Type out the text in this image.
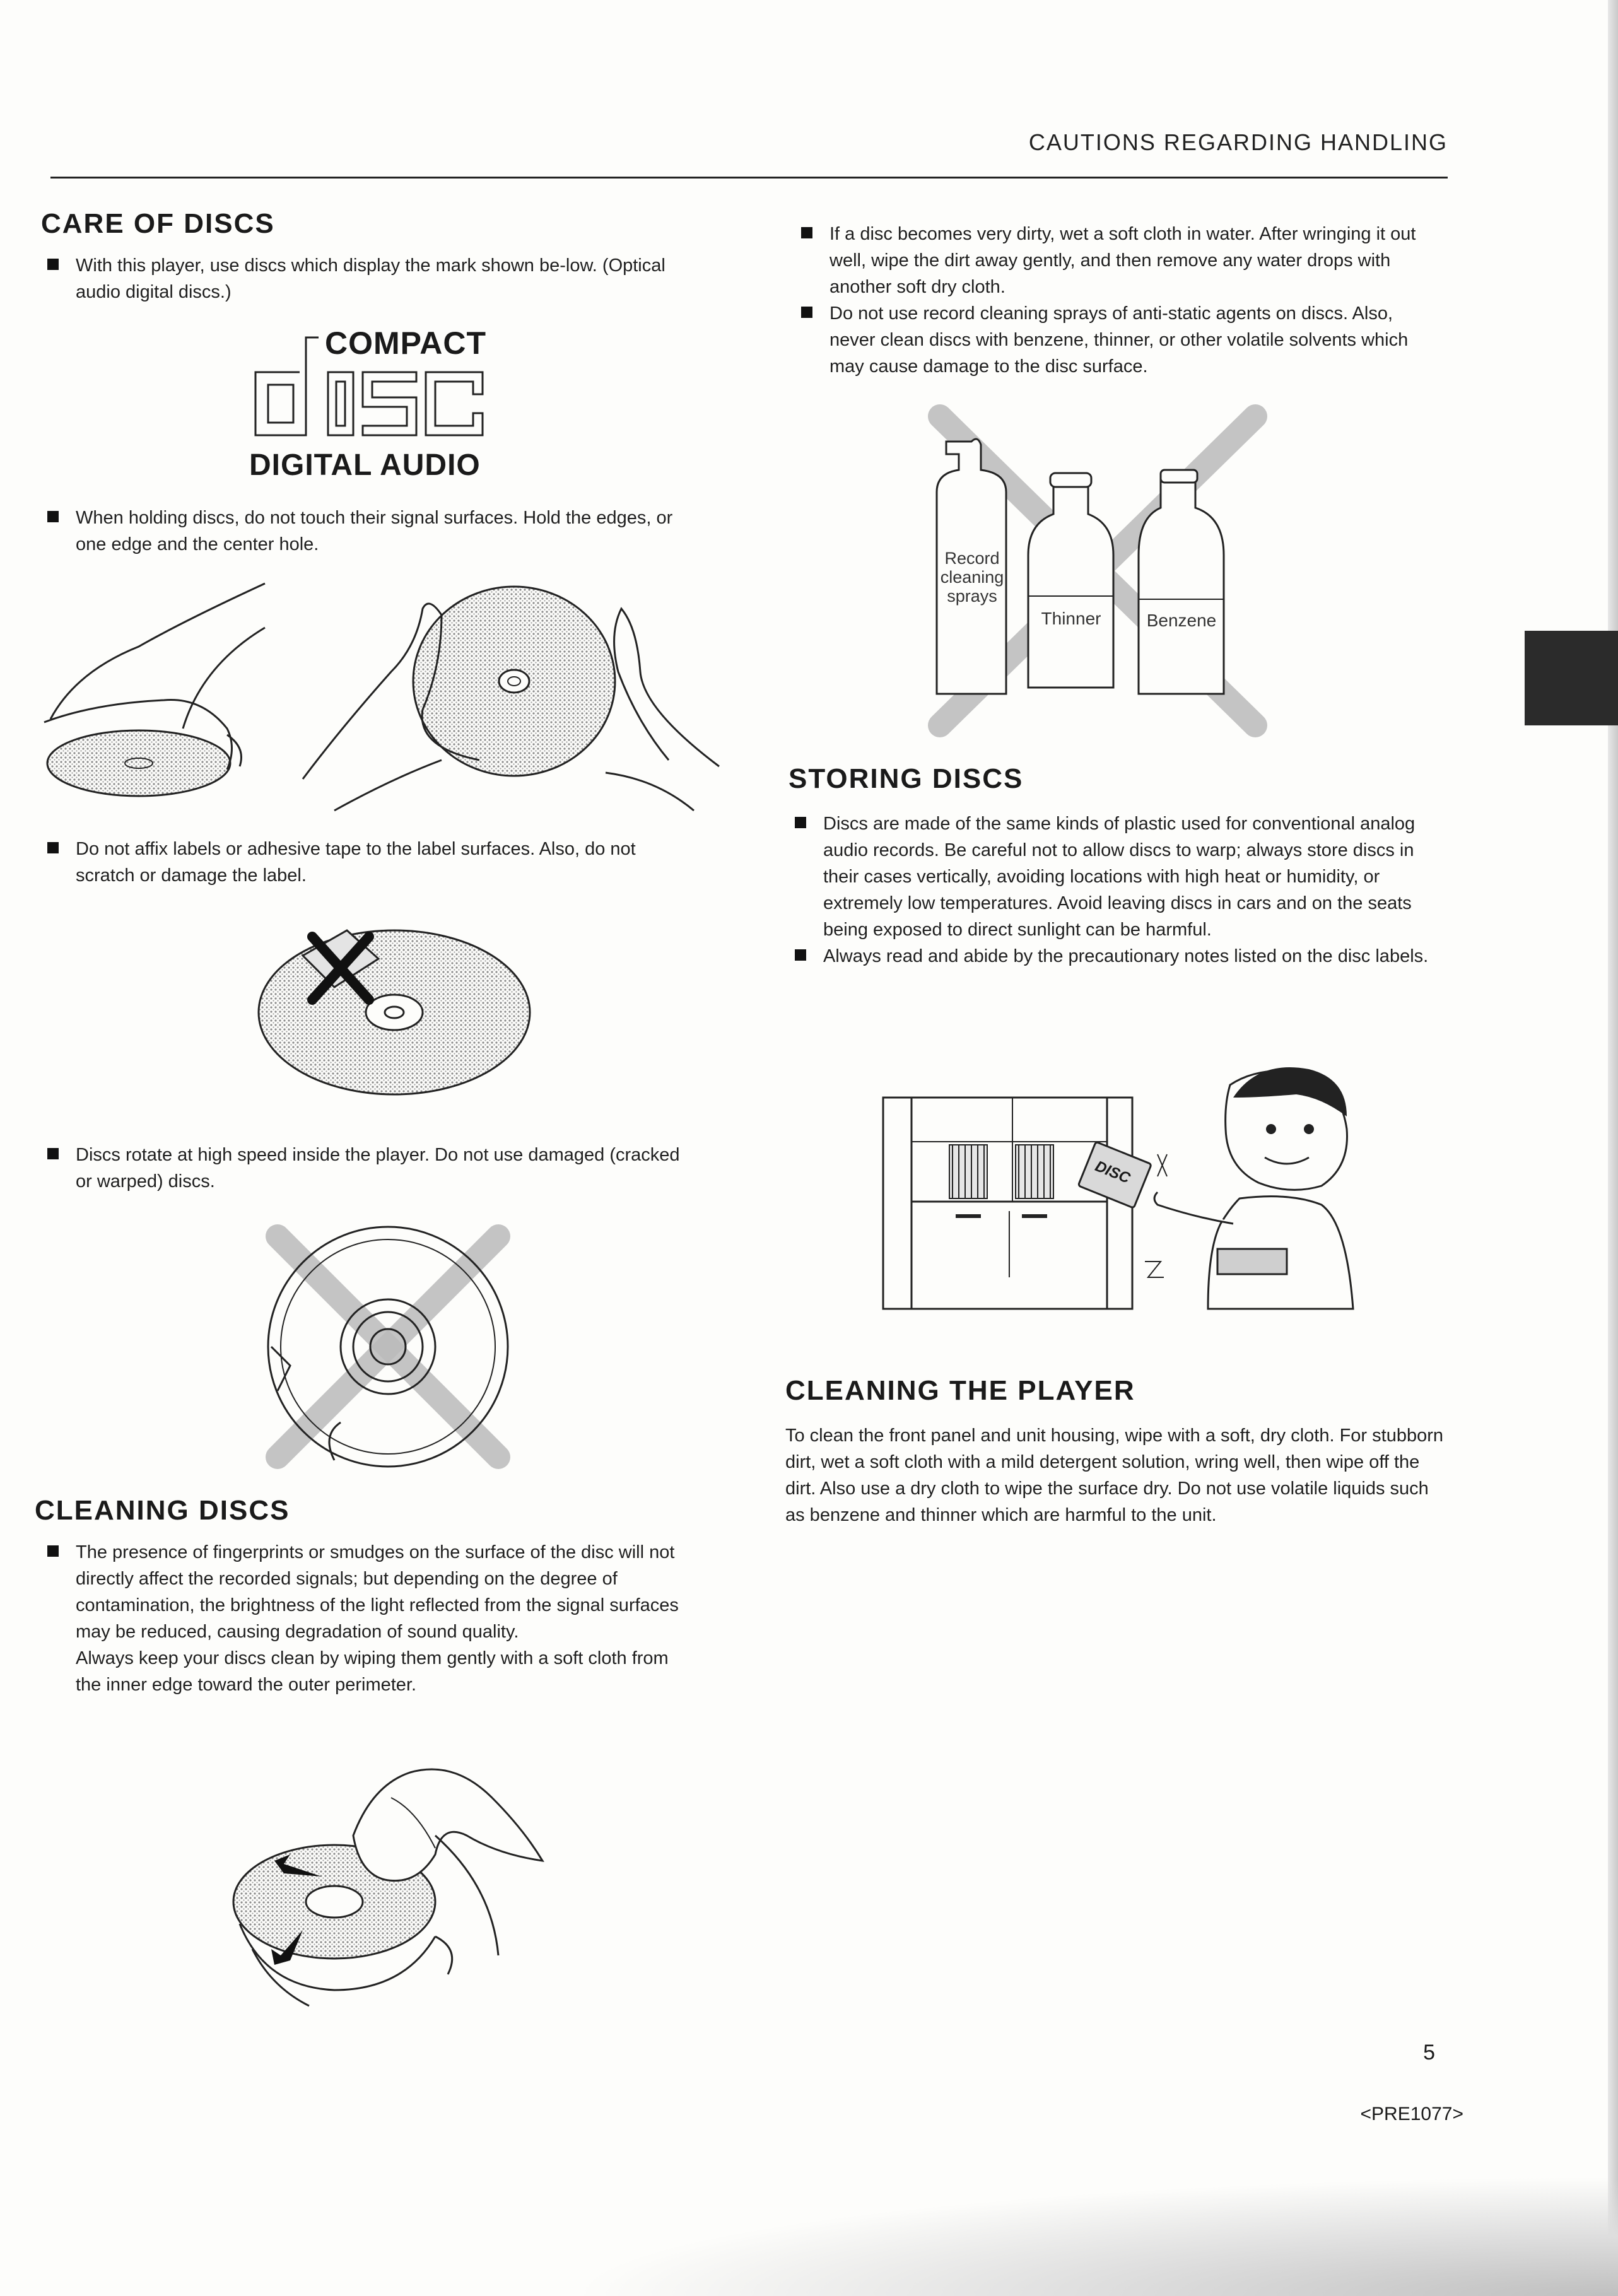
CAUTIONS REGARDING HANDLING
CARE OF DISCS
With this player, use discs which display the mark shown be-low. (Optical audio digital discs.)
COMPACT
DIGITAL AUDIO
When holding discs, do not touch their signal surfaces. Hold the edges, or one edge and the center hole.
Do not affix labels or adhesive tape to the label surfaces. Also, do not scratch or damage the label.
Discs rotate at high speed inside the player. Do not use damaged (cracked or warped) discs.
CLEANING DISCS
The presence of fingerprints or smudges on the surface of the disc will not directly affect the recorded signals; but depending on the degree of contamination, the brightness of the light reflected from the signal surfaces may be reduced, causing degradation of sound quality.
Always keep your discs clean by wiping them gently with a soft cloth from the inner edge toward the outer perimeter.
If a disc becomes very dirty, wet a soft cloth in water. After wringing it out well, wipe the dirt away gently, and then remove any water drops with another soft dry cloth.
Do not use record cleaning sprays of anti-static agents on discs. Also, never clean discs with benzene, thinner, or other volatile solvents which may cause damage to the disc surface.
Record cleaning sprays
Thinner	Benzene
STORING DISCS
Discs are made of the same kinds of plastic used for conventional analog audio records. Be careful not to allow discs to warp; always store discs in their cases vertically, avoiding locations with high heat or humidity, or extremely low temperatures. Avoid leaving discs in cars and on the seats being exposed to direct sunlight can be harmful.
Always read and abide by the precautionary notes listed on the disc labels.
DISC
CLEANING THE PLAYER
To clean the front panel and unit housing, wipe with a soft, dry cloth. For stubborn dirt, wet a soft cloth with a mild detergent solution, wring well, then wipe off the dirt. Also use a dry cloth to wipe the surface dry. Do not use volatile liquids such as benzene and thinner which are harmful to the unit.
5
<PRE1077>
